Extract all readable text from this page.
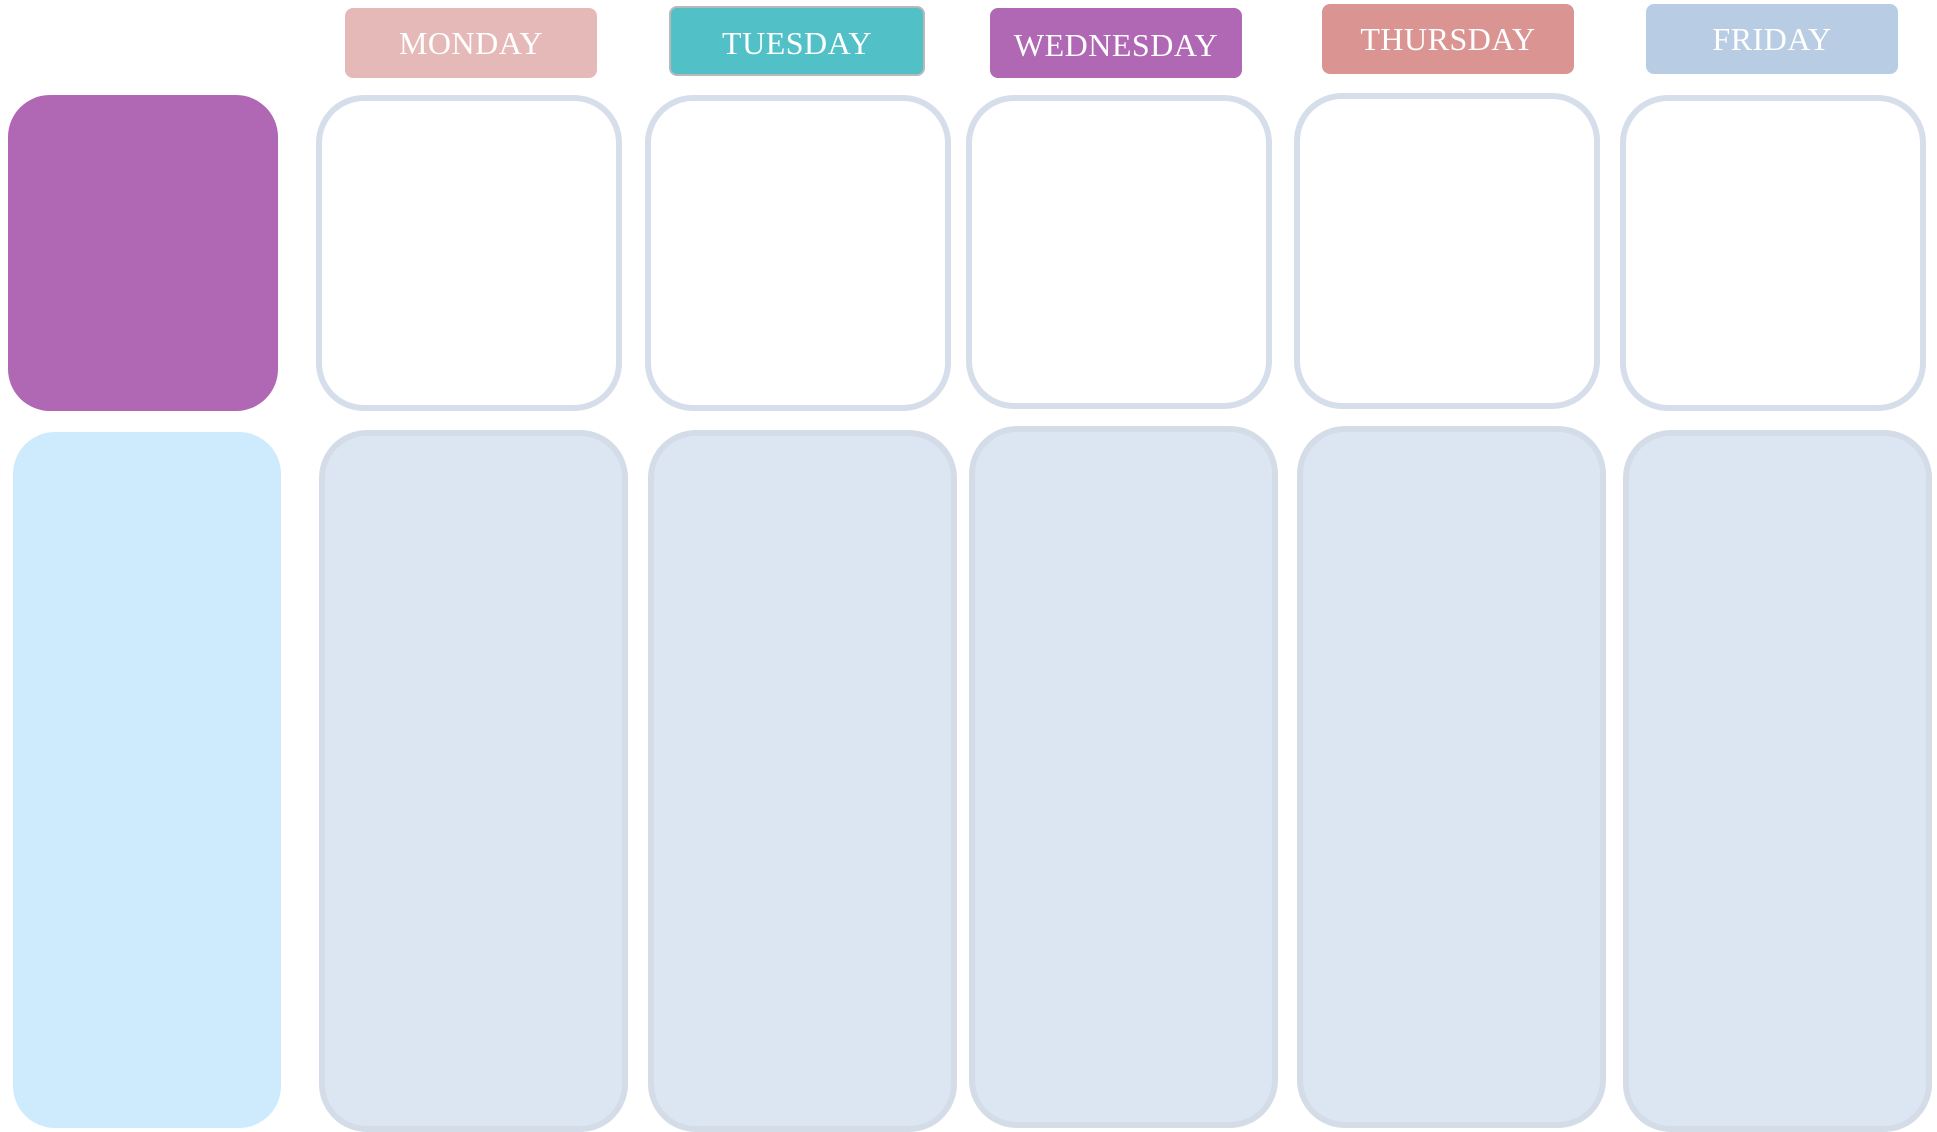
MONDAY	TUESDAY	WEDNESDAY	THURSDAY	FRIDAY
